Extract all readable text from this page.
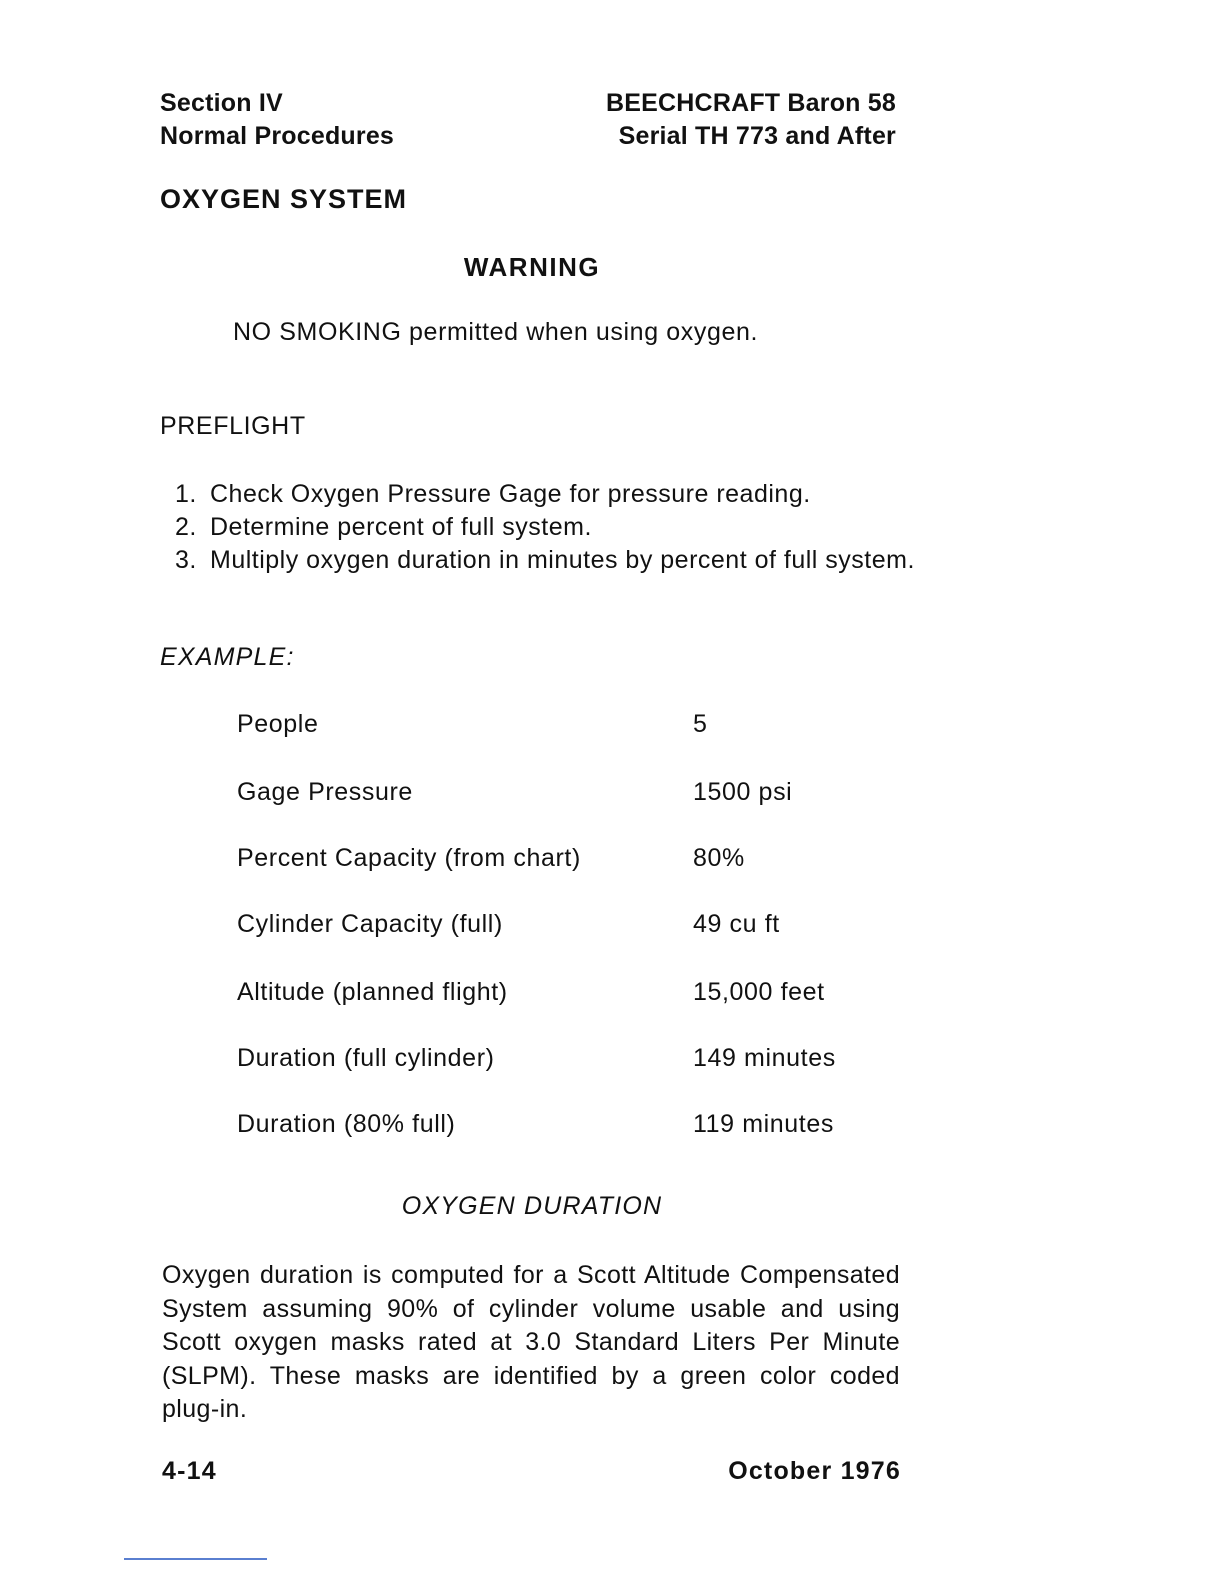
Section IV
Normal Procedures
BEECHCRAFT Baron 58
Serial TH 773 and After
OXYGEN SYSTEM
WARNING
NO SMOKING permitted when using oxygen.
PREFLIGHT
1. Check Oxygen Pressure Gage for pressure reading.
2. Determine percent of full system.
3. Multiply oxygen duration in minutes by percent of full system.
EXAMPLE:
People	5
Gage Pressure	1500 psi
Percent Capacity (from chart)	80%
Cylinder Capacity (full)	49 cu ft
Altitude (planned flight)	15,000 feet
Duration (full cylinder)	149 minutes
Duration (80% full)	119 minutes
OXYGEN DURATION
Oxygen duration is computed for a Scott Altitude Compensated System assuming 90% of cylinder volume usable and using Scott oxygen masks rated at 3.0 Standard Liters Per Minute (SLPM). These masks are identified by a green color coded plug-in.
4-14	October 1976
